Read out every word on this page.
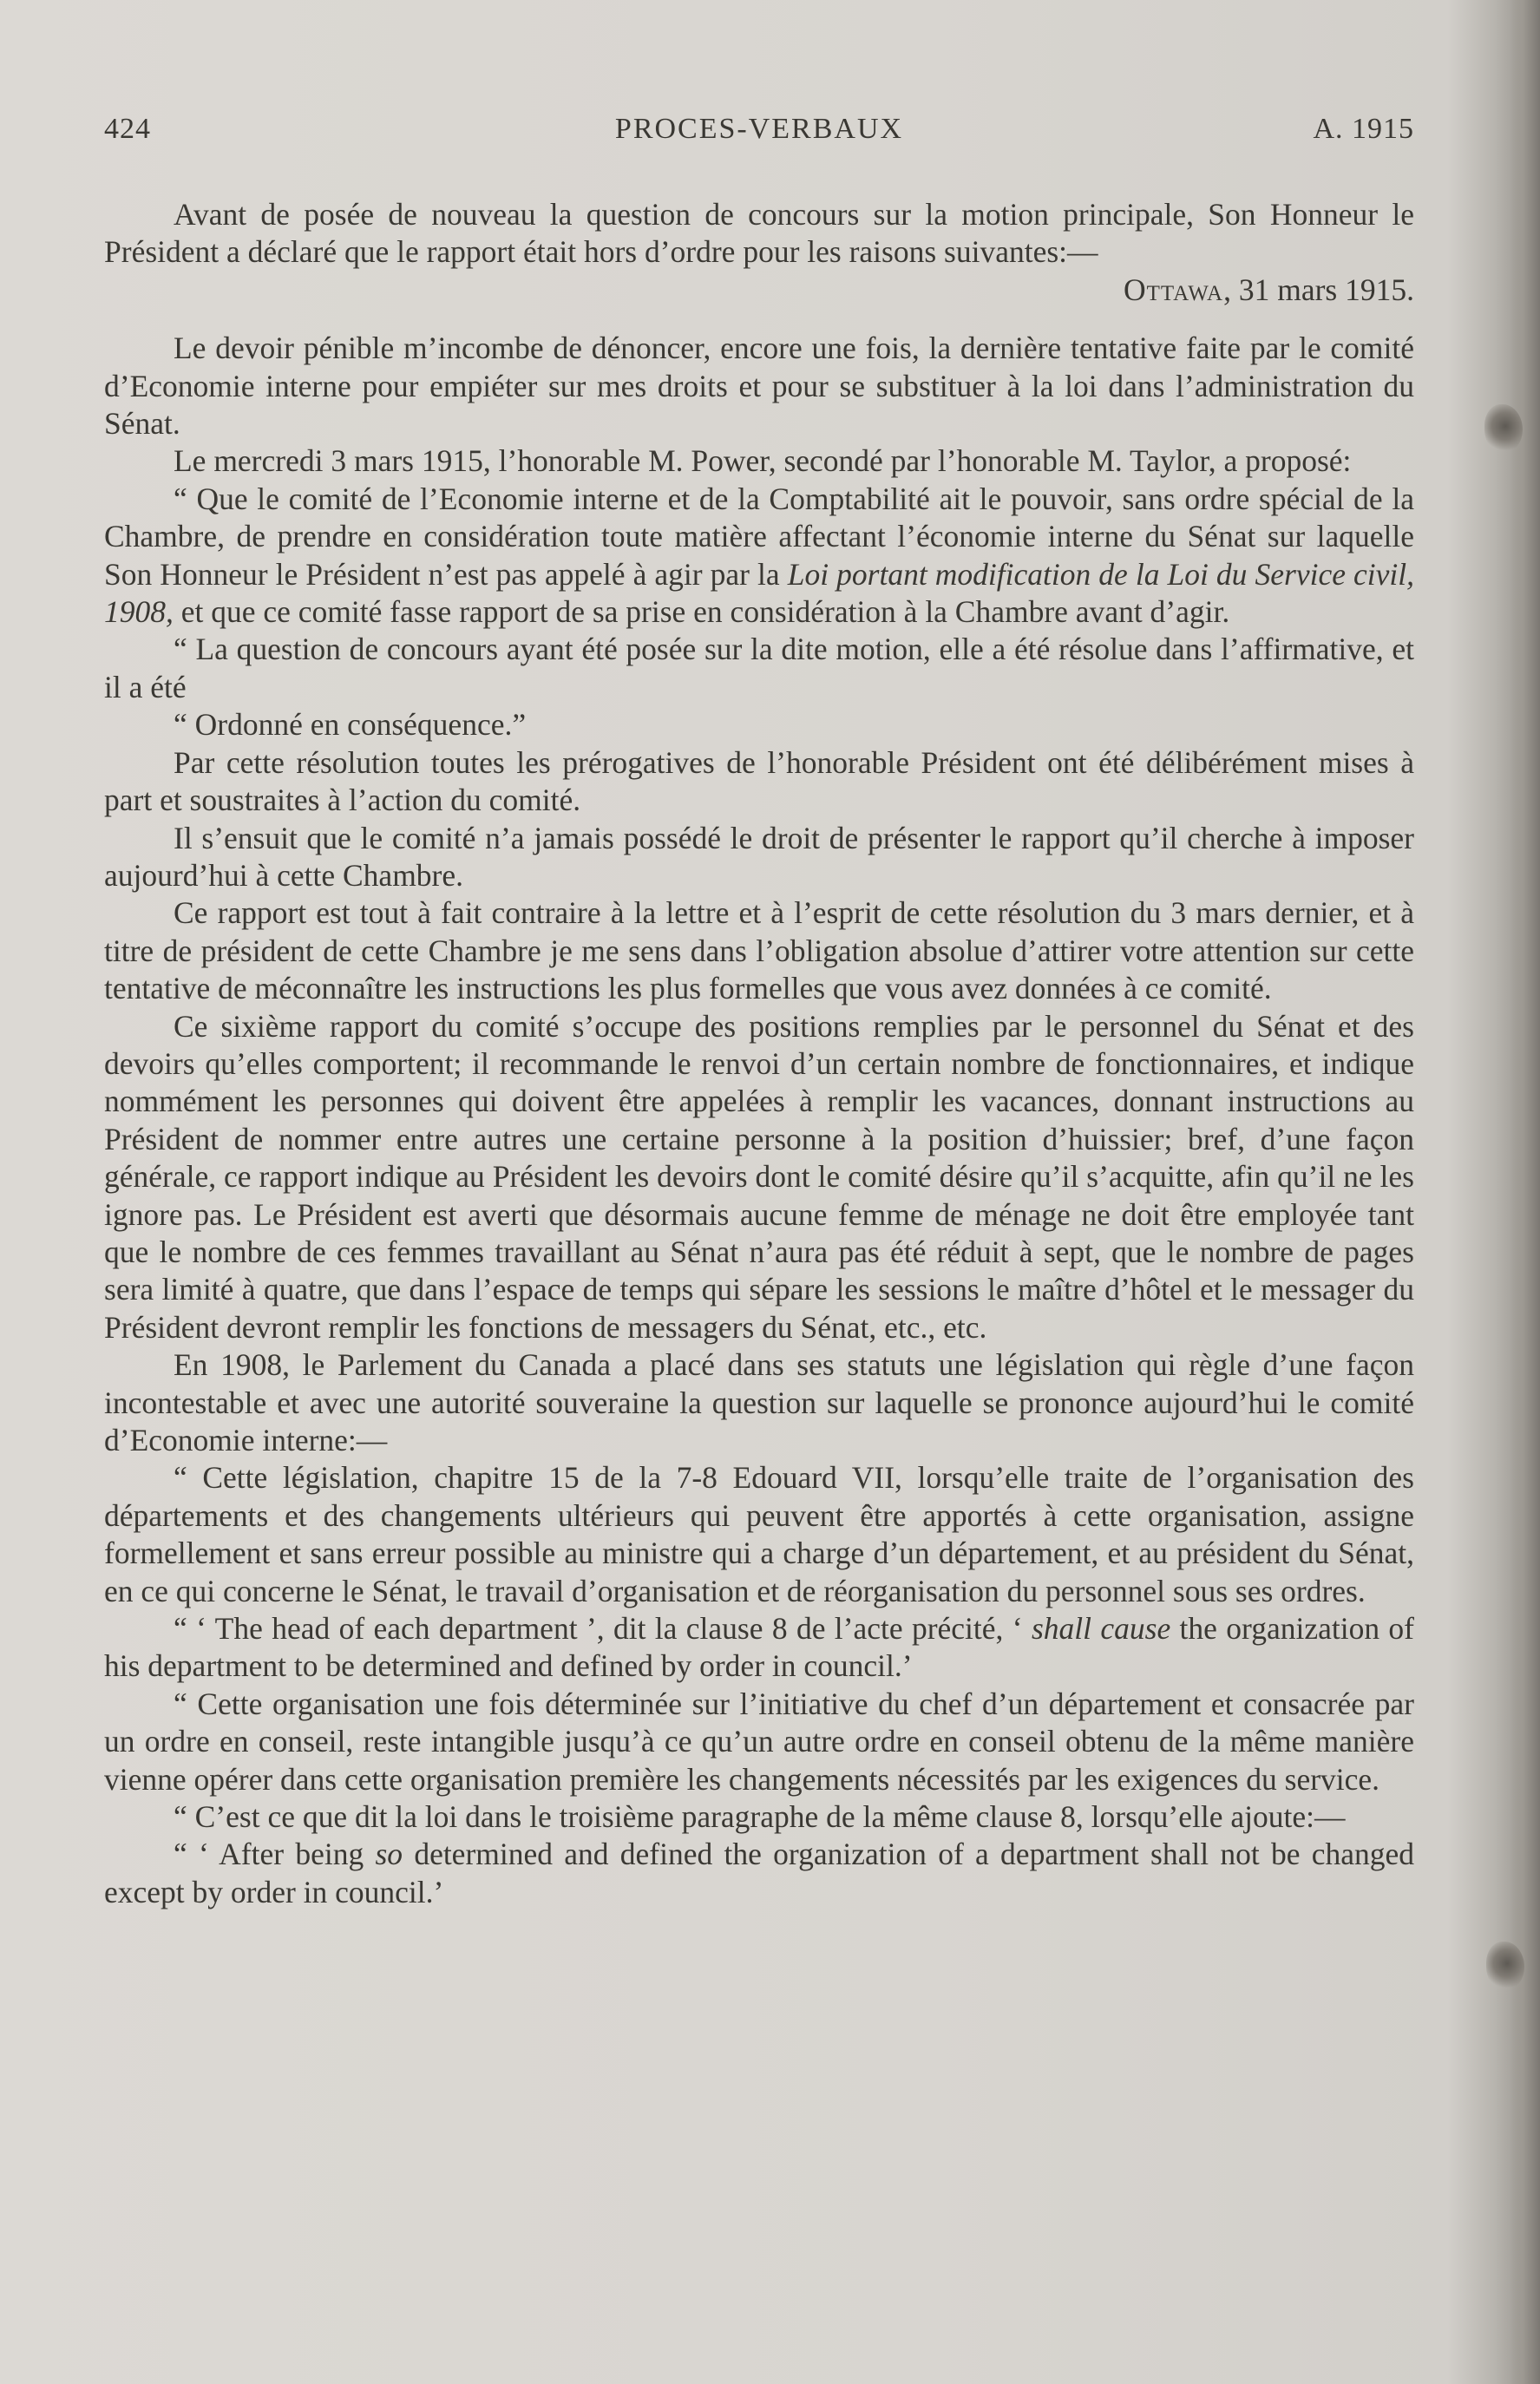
424	PROCES-VERBAUX	A. 1915

Avant de posée de nouveau la question de concours sur la motion principale, Son Honneur le Président a déclaré que le rapport était hors d’ordre pour les raisons suivantes:—

Ottawa, 31 mars 1915.

Le devoir pénible m’incombe de dénoncer, encore une fois, la dernière tentative faite par le comité d’Economie interne pour empiéter sur mes droits et pour se substituer à la loi dans l’administration du Sénat.

Le mercredi 3 mars 1915, l’honorable M. Power, secondé par l’honorable M. Taylor, a proposé:

“ Que le comité de l’Economie interne et de la Comptabilité ait le pouvoir, sans ordre spécial de la Chambre, de prendre en considération toute matière affectant l’économie interne du Sénat sur laquelle Son Honneur le Président n’est pas appelé à agir par la Loi portant modification de la Loi du Service civil, 1908, et que ce comité fasse rapport de sa prise en considération à la Chambre avant d’agir.

“ La question de concours ayant été posée sur la dite motion, elle a été résolue dans l’affirmative, et il a été

“ Ordonné en conséquence.”

Par cette résolution toutes les prérogatives de l’honorable Président ont été délibérément mises à part et soustraites à l’action du comité.

Il s’ensuit que le comité n’a jamais possédé le droit de présenter le rapport qu’il cherche à imposer aujourd’hui à cette Chambre.

Ce rapport est tout à fait contraire à la lettre et à l’esprit de cette résolution du 3 mars dernier, et à titre de président de cette Chambre je me sens dans l’obligation absolue d’attirer votre attention sur cette tentative de méconnaître les instructions les plus formelles que vous avez données à ce comité.

Ce sixième rapport du comité s’occupe des positions remplies par le personnel du Sénat et des devoirs qu’elles comportent; il recommande le renvoi d’un certain nombre de fonctionnaires, et indique nommément les personnes qui doivent être appelées à remplir les vacances, donnant instructions au Président de nommer entre autres une certaine personne à la position d’huissier; bref, d’une façon générale, ce rapport indique au Président les devoirs dont le comité désire qu’il s’acquitte, afin qu’il ne les ignore pas. Le Président est averti que désormais aucune femme de ménage ne doit être employée tant que le nombre de ces femmes travaillant au Sénat n’aura pas été réduit à sept, que le nombre de pages sera limité à quatre, que dans l’espace de temps qui sépare les sessions le maître d’hôtel et le messager du Président devront remplir les fonctions de messagers du Sénat, etc., etc.

En 1908, le Parlement du Canada a placé dans ses statuts une législation qui règle d’une façon incontestable et avec une autorité souveraine la question sur laquelle se prononce aujourd’hui le comité d’Economie interne:—

“ Cette législation, chapitre 15 de la 7-8 Edouard VII, lorsqu’elle traite de l’organisation des départements et des changements ultérieurs qui peuvent être apportés à cette organisation, assigne formellement et sans erreur possible au ministre qui a charge d’un département, et au président du Sénat, en ce qui concerne le Sénat, le travail d’organisation et de réorganisation du personnel sous ses ordres.

“ ‘ The head of each department ’, dit la clause 8 de l’acte précité, ‘ shall cause the organization of his department to be determined and defined by order in council.’

“ Cette organisation une fois déterminée sur l’initiative du chef d’un département et consacrée par un ordre en conseil, reste intangible jusqu’à ce qu’un autre ordre en conseil obtenu de la même manière vienne opérer dans cette organisation première les changements nécessités par les exigences du service.

“ C’est ce que dit la loi dans le troisième paragraphe de la même clause 8, lorsqu’elle ajoute:—

“ ‘ After being so determined and defined the organization of a department shall not be changed except by order in council.’
